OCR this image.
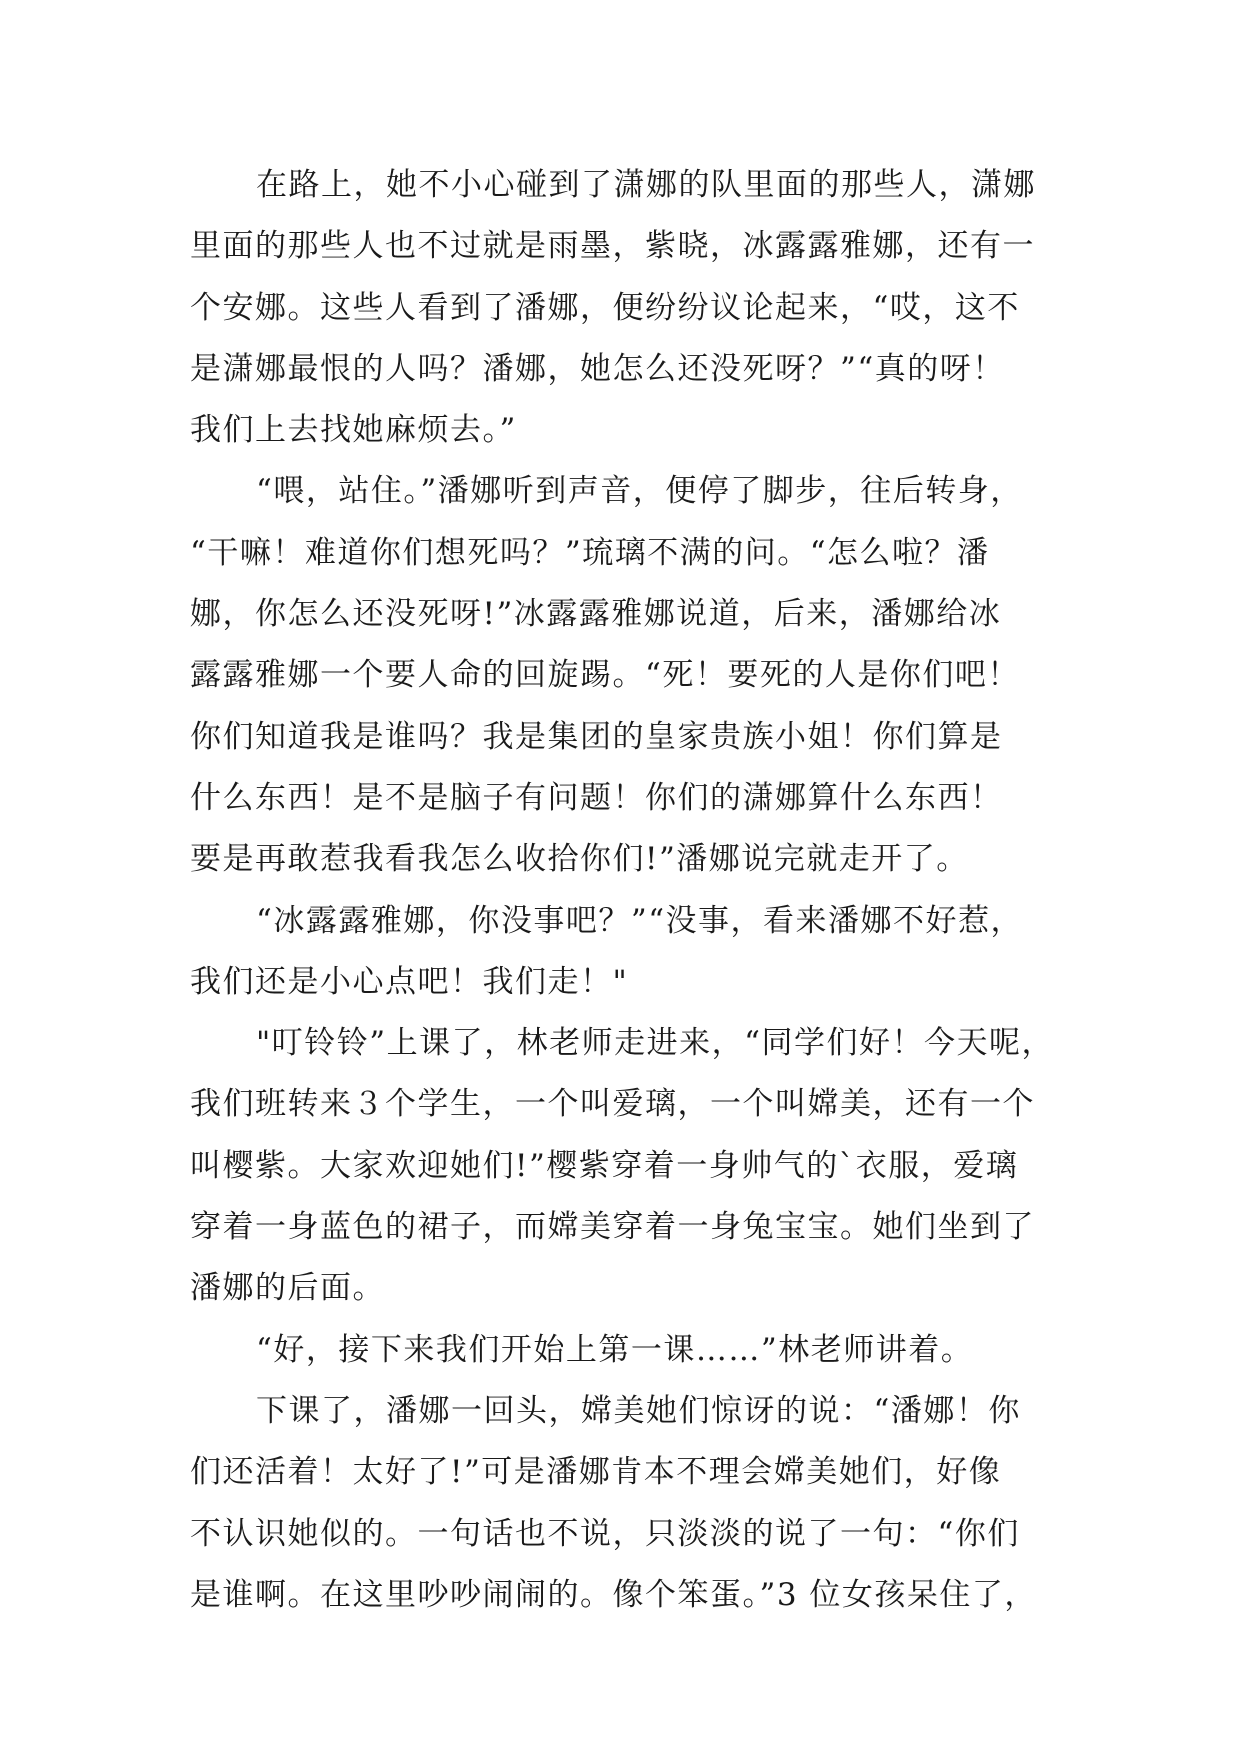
在路上，她不小心碰到了潇娜的队里面的那些人，潇娜
里面的那些人也不过就是雨墨，紫晓，冰露露雅娜，还有一
个安娜。这些人看到了潘娜，便纷纷议论起来，“哎，这不
是潇娜最恨的人吗？潘娜，她怎么还没死呀？”“真的呀！
我们上去找她麻烦去。”
“喂，站住。”潘娜听到声音，便停了脚步，往后转身，
“干嘛！难道你们想死吗？”琉璃不满的问。“怎么啦？潘
娜，你怎么还没死呀!”冰露露雅娜说道，后来，潘娜给冰
露露雅娜一个要人命的回旋踢。“死！要死的人是你们吧！
你们知道我是谁吗？我是集团的皇家贵族小姐！你们算是
什么东西！是不是脑子有问题！你们的潇娜算什么东西！
要是再敢惹我看我怎么收拾你们!”潘娜说完就走开了。
“冰露露雅娜，你没事吧？”“没事，看来潘娜不好惹，
我们还是小心点吧！我们走！"
"叮铃铃”上课了，林老师走进来，“同学们好！今天呢，
我们班转来３个学生，一个叫爱璃，一个叫嫦美，还有一个
叫樱紫。大家欢迎她们!”樱紫穿着一身帅气的`衣服，爱璃
穿着一身蓝色的裙子，而嫦美穿着一身兔宝宝。她们坐到了
潘娜的后面。
“好，接下来我们开始上第一课……”林老师讲着。
下课了，潘娜一回头，嫦美她们惊讶的说：“潘娜！你
们还活着！太好了!”可是潘娜肯本不理会嫦美她们，好像
不认识她似的。一句话也不说，只淡淡的说了一句：“你们
是谁啊。在这里吵吵闹闹的。像个笨蛋。”3 位女孩呆住了，
